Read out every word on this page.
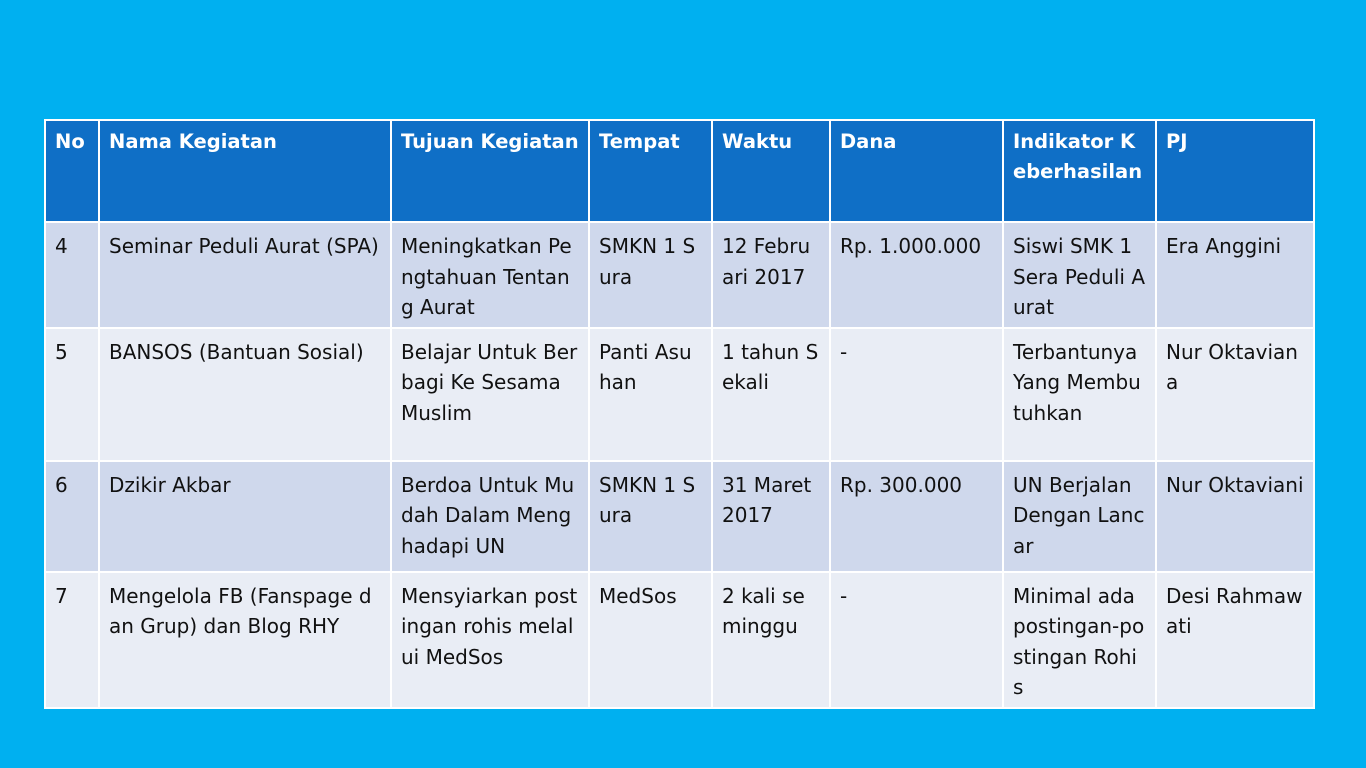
No	Nama Kegiatan	Tujuan Kegiatan	Tempat	Waktu	Dana	Indikator Keberhasilan	PJ
4	Seminar Peduli Aurat (SPA)	Meningkatkan Pengtahuan Tentang Aurat	SMKN 1 Sura	12 Februari 2017	Rp. 1.000.000	Siswi SMK 1 Sera Peduli Aurat	Era Anggini
5	BANSOS (Bantuan Sosial)	Belajar Untuk Berbagi Ke Sesama Muslim	Panti Asuhan	1 tahun Sekali	-	Terbantunya Yang Membutuhkan	Nur Oktaviana
6	Dzikir Akbar	Berdoa Untuk Mudah Dalam Menghadapi UN	SMKN 1 Sura	31 Maret 2017	Rp. 300.000	UN Berjalan Dengan Lancar	Nur Oktaviani
7	Mengelola FB (Fanspage dan Grup) dan Blog RHY	Mensyiarkan postingan rohis melalui MedSos	MedSos	2 kali seminggu	-	Minimal ada postingan-postingan Rohis	Desi Rahmawati
